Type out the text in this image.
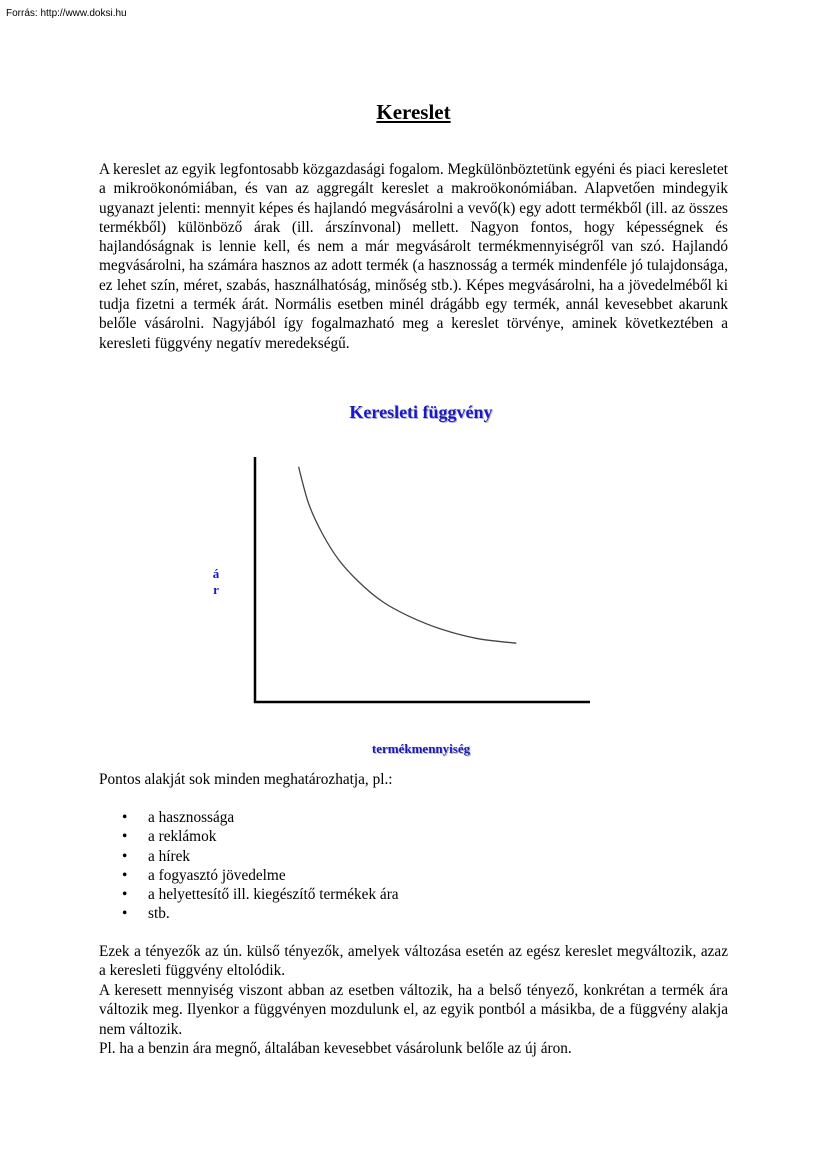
Forrás: http://www.doksi.hu
Kereslet

A kereslet az egyik legfontosabb közgazdasági fogalom. Megkülönböztetünk egyéni és piaci keresletet a mikroökonómiában, és van az aggregált kereslet a makroökonómiában. Alapvetően mindegyik ugyanazt jelenti: mennyit képes és hajlandó megvásárolni a vevő(k) egy adott termékből (ill. az összes termékből) különböző árak (ill. árszínvonal) mellett. Nagyon fontos, hogy képességnek és hajlandóságnak is lennie kell, és nem a már megvásárolt termékmennyiségről van szó. Hajlandó megvásárolni, ha számára hasznos az adott termék (a hasznosság a termék mindenféle jó tulajdonsága, ez lehet szín, méret, szabás, használhatóság, minőség stb.). Képes megvásárolni, ha a jövedelméből ki tudja fizetni a termék árát. Normális esetben minél drágább egy termék, annál kevesebbet akarunk belőle vásárolni. Nagyjából így fogalmazható meg a kereslet törvénye, aminek következtében a keresleti függvény negatív meredekségű.

Keresleti függvény
á
r
termékmennyiség
Pontos alakját sok minden meghatározhatja, pl.:
• a hasznossága
• a reklámok
• a hírek
• a fogyasztó jövedelme
• a helyettesítő ill. kiegészítő termékek ára
• stb.

Ezek a tényezők az ún. külső tényezők, amelyek változása esetén az egész kereslet megváltozik, azaz a keresleti függvény eltolódik.

A keresett mennyiség viszont abban az esetben változik, ha a belső tényező, konkrétan a termék ára változik meg. Ilyenkor a függvényen mozdulunk el, az egyik pontból a másikba, de a függvény alakja nem változik.

Pl. ha a benzin ára megnő, általában kevesebbet vásárolunk belőle az új áron.
